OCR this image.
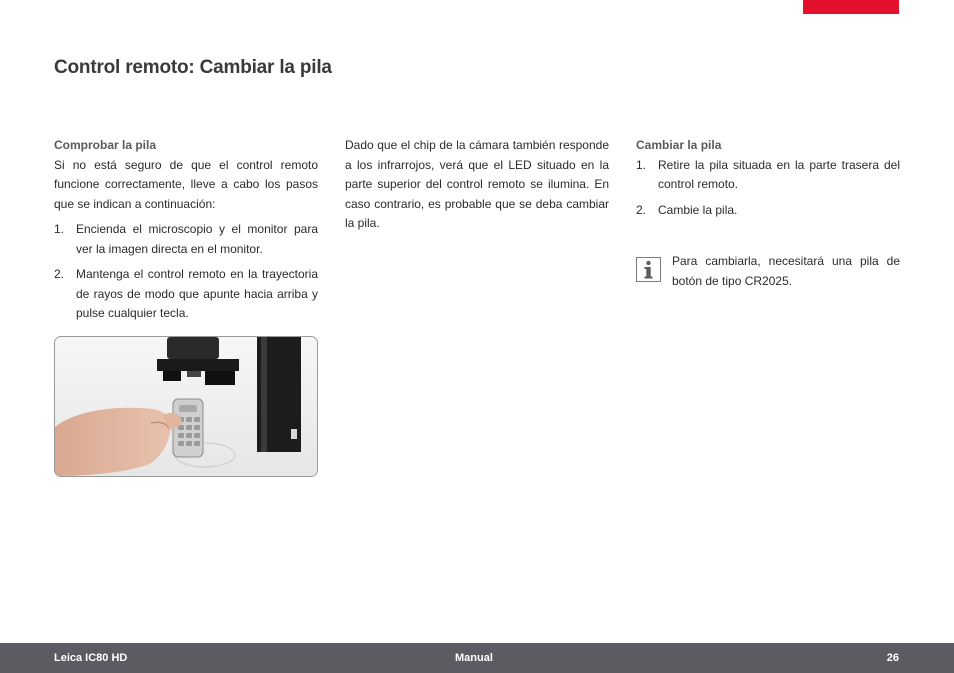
Control remoto: Cambiar la pila

Comprobar la pila

Si no está seguro de que el control remoto funcione correctamente, lleve a cabo los pasos que se indican a continuación:

1. Encienda el microscopio y el monitor para ver la imagen directa en el monitor.
2. Mantenga el control remoto en la trayectoria de rayos de modo que apunte hacia arriba y pulse cualquier tecla.

Dado que el chip de la cámara también responde a los infrarrojos, verá que el LED situado en la parte superior del control remoto se ilumina. En caso contrario, es probable que se deba cambiar la pila.

Cambiar la pila

1. Retire la pila situada en la parte trasera del control remoto.
2. Cambie la pila.

Para cambiarla, necesitará una pila de botón de tipo CR2025.

Leica IC80 HD	Manual	26
